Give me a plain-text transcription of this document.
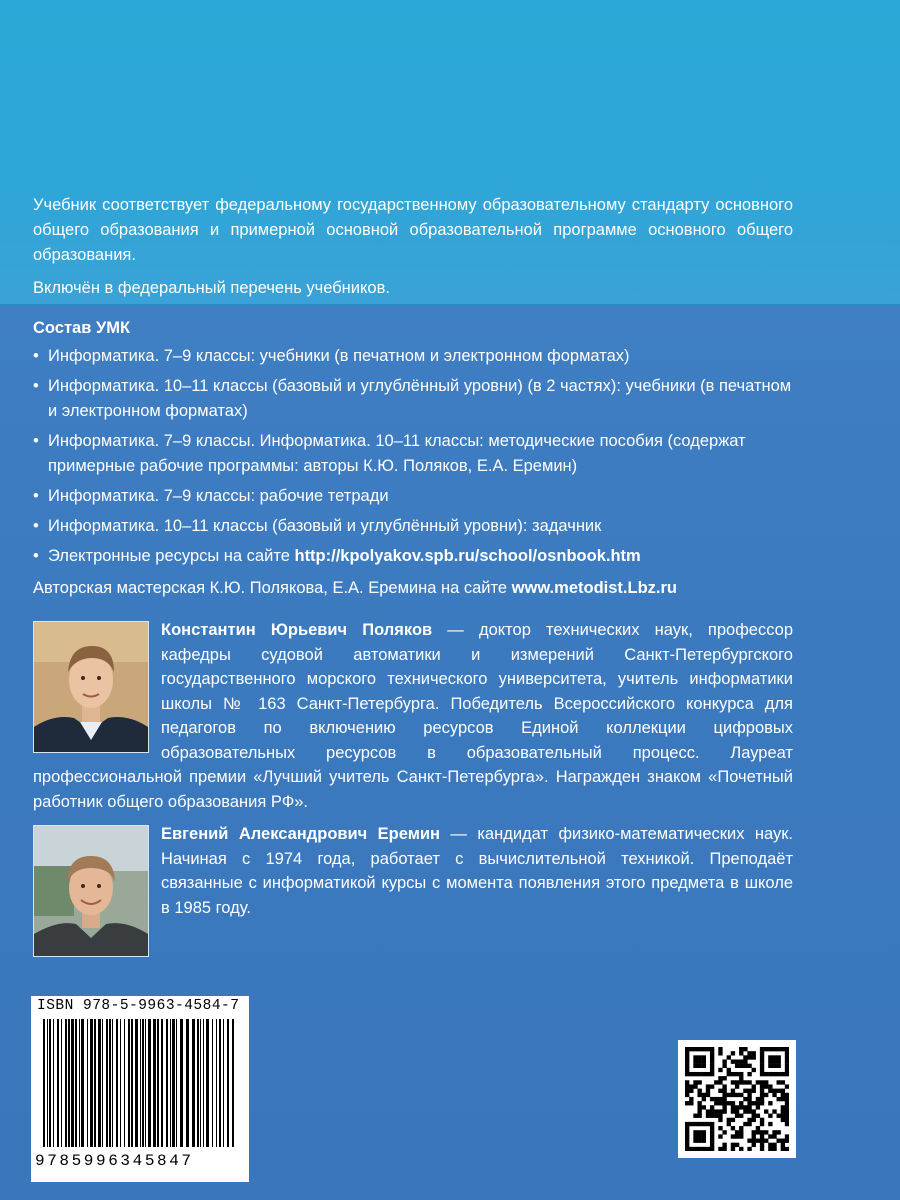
Учебник соответствует федеральному государственному образовательному стандарту основного общего образования и примерной основной образовательной программе основного общего образования.

Включён в федеральный перечень учебников.

Состав УМК
• Информатика. 7–9 классы: учебники (в печатном и электронном форматах)
• Информатика. 10–11 классы (базовый и углублённый уровни) (в 2 частях): учебники (в печатном и электронном форматах)
• Информатика. 7–9 классы. Информатика. 10–11 классы: методические пособия (содержат примерные рабочие программы: авторы К.Ю. Поляков, Е.А. Еремин)
• Информатика. 7–9 классы: рабочие тетради
• Информатика. 10–11 классы (базовый и углублённый уровни): задачник
• Электронные ресурсы на сайте http://kpolyakov.spb.ru/school/osnbook.htm
Авторская мастерская К.Ю. Полякова, Е.А. Еремина на сайте www.metodist.Lbz.ru
Константин Юрьевич Поляков — доктор технических наук, профессор кафедры судовой автоматики и измерений Санкт-Петербургского государственного морского технического университета, учитель информатики школы № 163 Санкт-Петербурга. Победитель Всероссийского конкурса для педагогов по включению ресурсов Единой коллекции цифровых образовательных ресурсов в образовательный процесс. Лауреат профессиональной премии «Лучший учитель Санкт-Петербурга». Награжден знаком «Почетный работник общего образования РФ».
Евгений Александрович Еремин — кандидат физико-математических наук. Начиная с 1974 года, работает с вычислительной техникой. Преподаёт связанные с информатикой курсы с момента появления этого предмета в школе в 1985 году.
ISBN 978-5-9963-4584-7
9785996345847
